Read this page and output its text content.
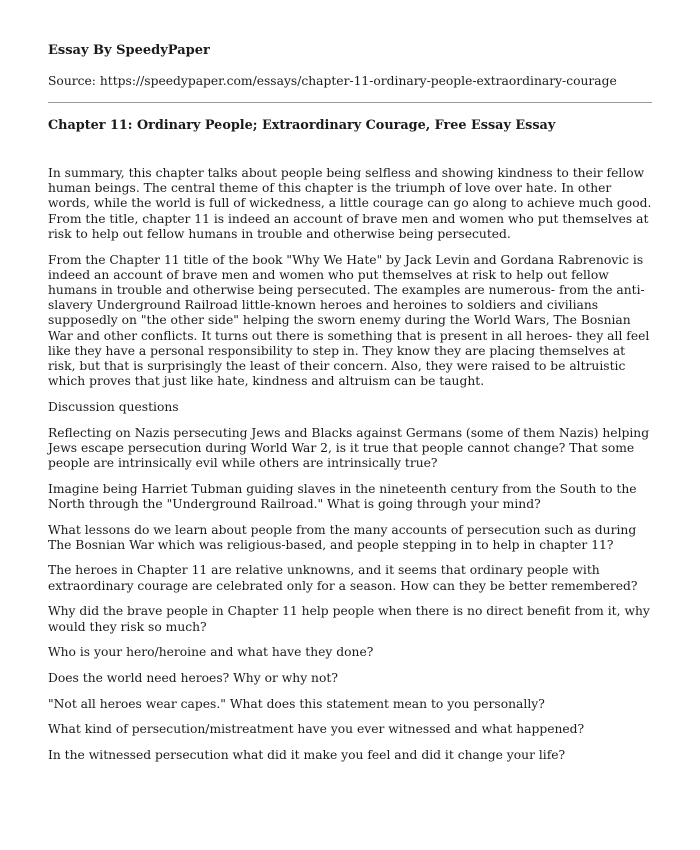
Essay By SpeedyPaper
Source: https://speedypaper.com/essays/chapter-11-ordinary-people-extraordinary-courage
Chapter 11: Ordinary People; Extraordinary Courage, Free Essay Essay

In summary, this chapter talks about people being selfless and showing kindness to their fellow human beings. The central theme of this chapter is the triumph of love over hate. In other words, while the world is full of wickedness, a little courage can go along to achieve much good. From the title, chapter 11 is indeed an account of brave men and women who put themselves at risk to help out fellow humans in trouble and otherwise being persecuted.

From the Chapter 11 title of the book "Why We Hate" by Jack Levin and Gordana Rabrenovic is indeed an account of brave men and women who put themselves at risk to help out fellow humans in trouble and otherwise being persecuted. The examples are numerous- from the anti-slavery Underground Railroad little-known heroes and heroines to soldiers and civilians supposedly on "the other side" helping the sworn enemy during the World Wars, The Bosnian War and other conflicts. It turns out there is something that is present in all heroes- they all feel like they have a personal responsibility to step in. They know they are placing themselves at risk, but that is surprisingly the least of their concern. Also, they were raised to be altruistic which proves that just like hate, kindness and altruism can be taught.

Discussion questions

Reflecting on Nazis persecuting Jews and Blacks against Germans (some of them Nazis) helping Jews escape persecution during World War 2, is it true that people cannot change? That some people are intrinsically evil while others are intrinsically true?

Imagine being Harriet Tubman guiding slaves in the nineteenth century from the South to the North through the "Underground Railroad." What is going through your mind?

What lessons do we learn about people from the many accounts of persecution such as during The Bosnian War which was religious-based, and people stepping in to help in chapter 11?

The heroes in Chapter 11 are relative unknowns, and it seems that ordinary people with extraordinary courage are celebrated only for a season. How can they be better remembered?

Why did the brave people in Chapter 11 help people when there is no direct benefit from it, why would they risk so much?

Who is your hero/heroine and what have they done?

Does the world need heroes? Why or why not?

"Not all heroes wear capes." What does this statement mean to you personally?

What kind of persecution/mistreatment have you ever witnessed and what happened?

In the witnessed persecution what did it make you feel and did it change your life?
